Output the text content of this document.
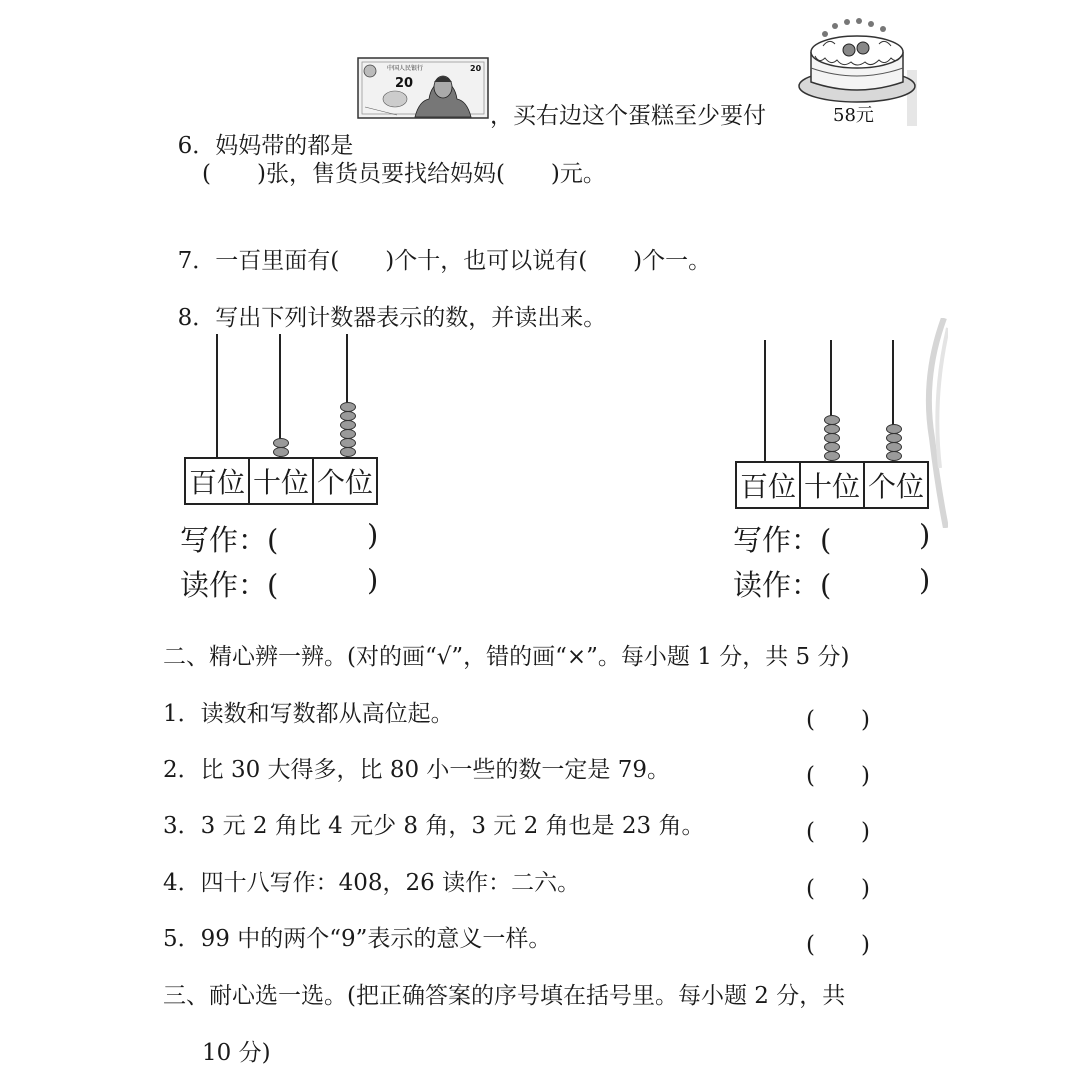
6．妈妈带的都是

中国人民银行
20
20
，买右边这个蛋糕至少要付	58元
(　　)张，售货员要找给妈妈(　　)元。

7．一百里面有(　　)个十，也可以说有(　　)个一。

8．写出下列计数器表示的数，并读出来。

百位 十位 个位
写作：(	)
读作：(	)
百位 十位 个位
写作：(	)
读作：(	)
二、精心辨一辨。(对的画“√”，错的画“×”。每小题 1 分，共 5 分)
1．读数和写数都从高位起。	(　　)
2．比 30 大得多，比 80 小一些的数一定是 79。	(　　)
3．3 元 2 角比 4 元少 8 角，3 元 2 角也是 23 角。	(　　)
4．四十八写作：408，26 读作：二六。	(　　)
5．99 中的两个“9”表示的意义一样。	(　　)
三、耐心选一选。(把正确答案的序号填在括号里。每小题 2 分，共
10 分)
